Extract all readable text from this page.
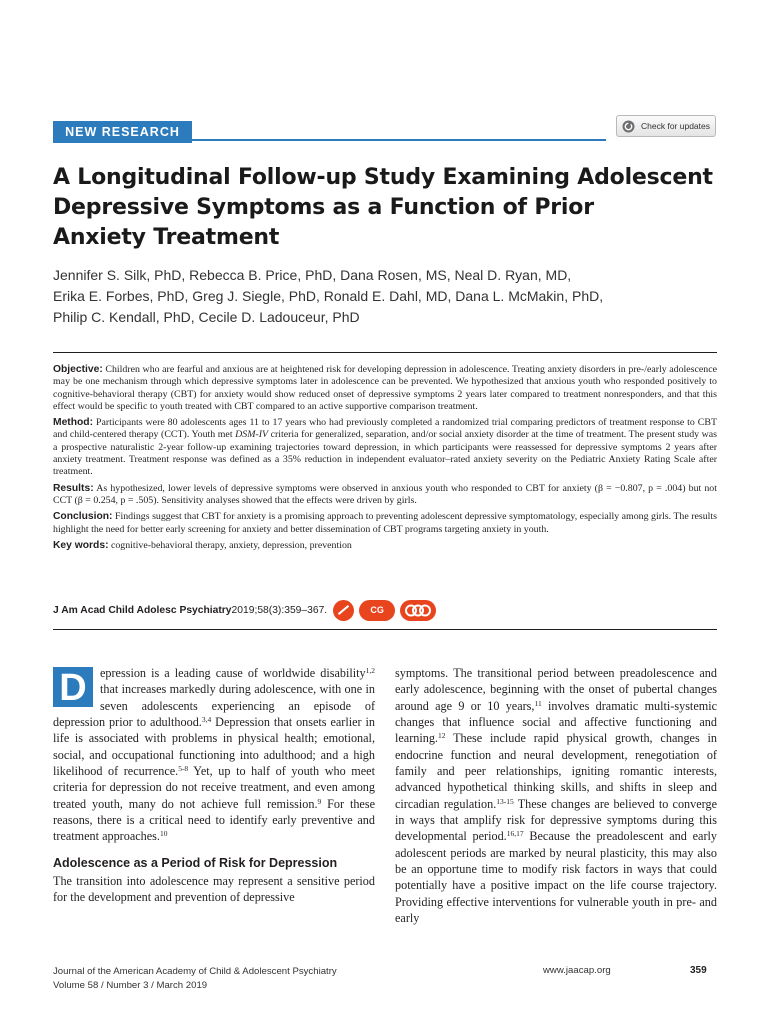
NEW RESEARCH	Check for updates
A Longitudinal Follow-up Study Examining Adolescent
Depressive Symptoms as a Function of Prior
Anxiety Treatment
Jennifer S. Silk, PhD, Rebecca B. Price, PhD, Dana Rosen, MS, Neal D. Ryan, MD,
Erika E. Forbes, PhD, Greg J. Siegle, PhD, Ronald E. Dahl, MD, Dana L. McMakin, PhD,
Philip C. Kendall, PhD, Cecile D. Ladouceur, PhD

Objective: Children who are fearful and anxious are at heightened risk for developing depression in adolescence. Treating anxiety disorders in pre-/early adolescence may be one mechanism through which depressive symptoms later in adolescence can be prevented. We hypothesized that anxious youth who responded positively to cognitive-behavioral therapy (CBT) for anxiety would show reduced onset of depressive symptoms 2 years later compared to treatment nonresponders, and that this effect would be specific to youth treated with CBT compared to an active supportive comparison treatment.

Method: Participants were 80 adolescents ages 11 to 17 years who had previously completed a randomized trial comparing predictors of treatment response to CBT and child-centered therapy (CCT). Youth met DSM-IV criteria for generalized, separation, and/or social anxiety disorder at the time of treatment. The present study was a prospective naturalistic 2-year follow-up examining trajectories toward depression, in which participants were reassessed for depressive symptoms 2 years after anxiety treatment. Treatment response was defined as a 35% reduction in independent evaluator–rated anxiety severity on the Pediatric Anxiety Rating Scale after treatment.

Results: As hypothesized, lower levels of depressive symptoms were observed in anxious youth who responded to CBT for anxiety (β = −0.807, p = .004) but not CCT (β = 0.254, p = .505). Sensitivity analyses showed that the effects were driven by girls.

Conclusion: Findings suggest that CBT for anxiety is a promising approach to preventing adolescent depressive symptomatology, especially among girls. The results highlight the need for better early screening for anxiety and better dissemination of CBT programs targeting anxiety in youth.

Key words: cognitive-behavioral therapy, anxiety, depression, prevention

J Am Acad Child Adolesc Psychiatry 2019;58(3):359–367.	CG
D	epression is a leading cause of worldwide disability$^{1,2}$ that increases markedly during adolescence, with one in seven adolescents experiencing an episode of depression prior to adulthood.$^{3,4}$ Depression that onsets earlier in life is associated with problems in physical health; emotional, social, and occupational functioning into adulthood; and a high likelihood of recurrence.$^{5-8}$ Yet, up to half of youth who meet criteria for depression do not receive treatment, and even among treated youth, many do not achieve full remission.$^9$ For these reasons, there is a critical need to identify early preventive and treatment approaches.$^{10}$

Adolescence as a Period of Risk for Depression

The transition into adolescence may represent a sensitive period for the development and prevention of depressive

symptoms. The transitional period between preadolescence and early adolescence, beginning with the onset of pubertal changes around age 9 or 10 years,$^{11}$ involves dramatic multi-systemic changes that influence social and affective functioning and learning.$^{12}$ These include rapid physical growth, changes in endocrine function and neural development, renegotiation of family and peer relationships, igniting romantic interests, advanced hypothetical thinking skills, and shifts in sleep and circadian regulation.$^{13-15}$ These changes are believed to converge in ways that amplify risk for depressive symptoms during this developmental period.$^{16,17}$ Because the preadolescent and early adolescent periods are marked by neural plasticity, this may also be an opportune time to modify risk factors in ways that could potentially have a positive impact on the life course trajectory. Providing effective interventions for vulnerable youth in pre- and early

Journal of the American Academy of Child & Adolescent Psychiatry
Volume 58 / Number 3 / March 2019
www.jaacap.org	359
